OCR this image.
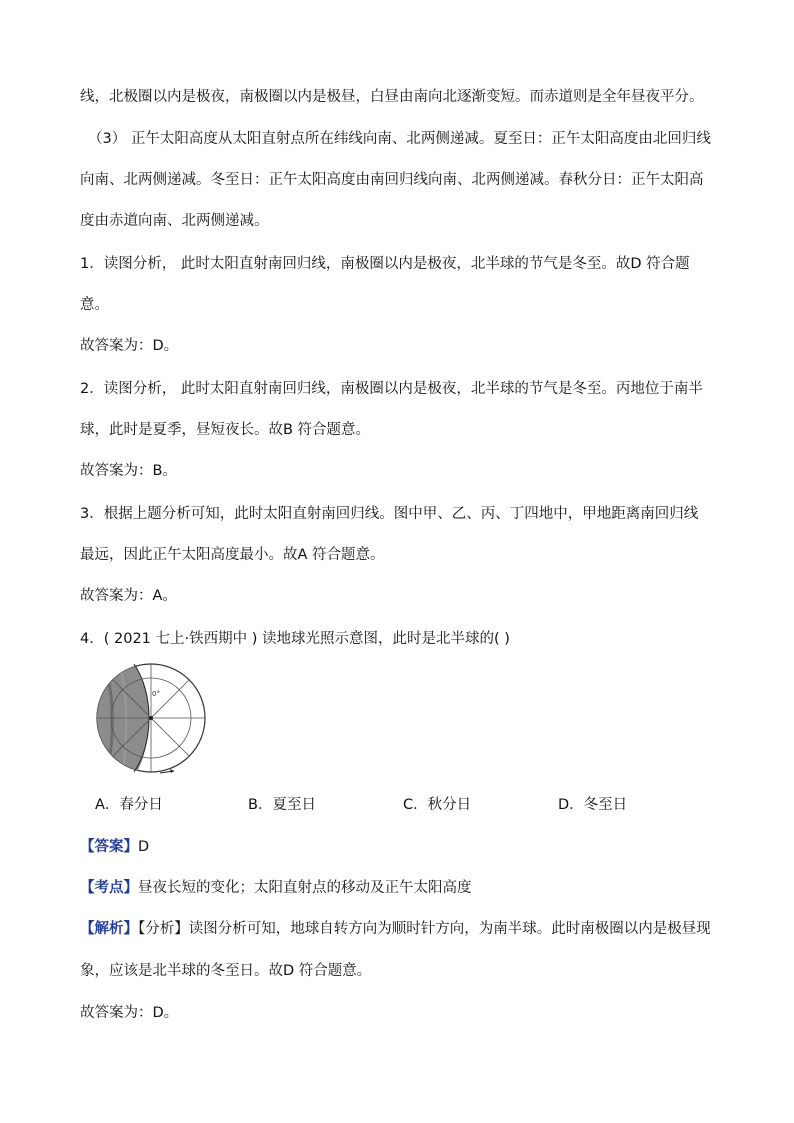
线，北极圈以内是极夜，南极圈以内是极昼，白昼由南向北逐渐变短。而赤道则是全年昼夜平分。
（3） 正午太阳高度从太阳直射点所在纬线向南、北两侧递减。夏至日：正午太阳高度由北回归线
向南、北两侧递减。冬至日：正午太阳高度由南回归线向南、北两侧递减。春秋分日：正午太阳高
度由赤道向南、北两侧递减。
1．读图分析， 此时太阳直射南回归线，南极圈以内是极夜，北半球的节气是冬至。故D 符合题
意。
故答案为：D。
2．读图分析， 此时太阳直射南回归线，南极圈以内是极夜，北半球的节气是冬至。丙地位于南半
球，此时是夏季，昼短夜长。故B 符合题意。
故答案为：B。
3．根据上题分析可知，此时太阳直射南回归线。图中甲、乙、丙、丁四地中，甲地距离南回归线
最远，因此正午太阳高度最小。故A 符合题意。
故答案为：A。
4．( 2021 七上·铁西期中 ) 读地球光照示意图，此时是北半球的( )
0°
A．春分日	B．夏至日	C．秋分日	D．冬至日
【答案】D
【考点】昼夜长短的变化；太阳直射点的移动及正午太阳高度
【解析】【分析】读图分析可知，地球自转方向为顺时针方向，为南半球。此时南极圈以内是极昼现
象，应该是北半球的冬至日。故D 符合题意。
故答案为：D。
